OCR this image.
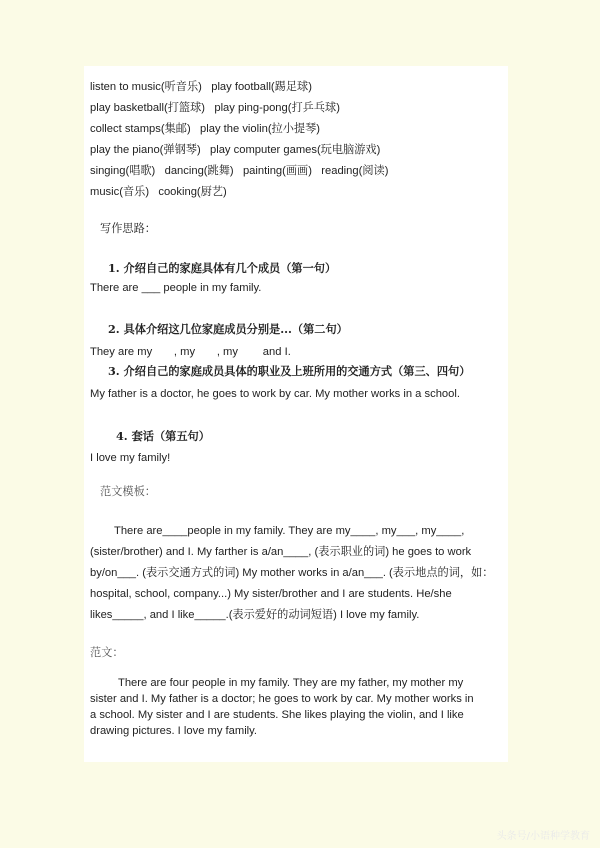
listen to music(听音乐)   play football(踢足球)
play basketball(打篮球)   play ping-pong(打乒乓球)
collect stamps(集邮)   play the violin(拉小提琴)
play the piano(弹钢琴)   play computer games(玩电脑游戏)
singing(唱歌)   dancing(跳舞)   painting(画画)   reading(阅读)
music(音乐)   cooking(厨艺)
写作思路：
1. 介绍自己的家庭具体有几个成员（第一句）
There are ___ people in my family.
2. 具体介绍这几位家庭成员分别是...（第二句）
They are my       , my       , my        and I.
3. 介绍自己的家庭成员具体的职业及上班所用的交通方式（第三、四句）
My father is a doctor, he goes to work by car. My mother works in a school.
4. 套话（第五句）
I love my family!
范文模板：
There are____people in my family. They are my____, my___, my____,
(sister/brother) and I. My farther is a/an____, (表示职业的词) he goes to work
by/on___. (表示交通方式的词) My mother works in a/an___. (表示地点的词，如：
hospital, school, company...) My sister/brother and I are students. He/she
likes_____, and I like_____.(表示爱好的动词短语) I love my family.
范文：
There are four people in my family. They are my father, my mother my
sister and I. My father is a doctor; he goes to work by car. My mother works in
a school. My sister and I are students. She likes playing the violin, and I like
drawing pictures. I love my family.
头条号/小语种学教育
